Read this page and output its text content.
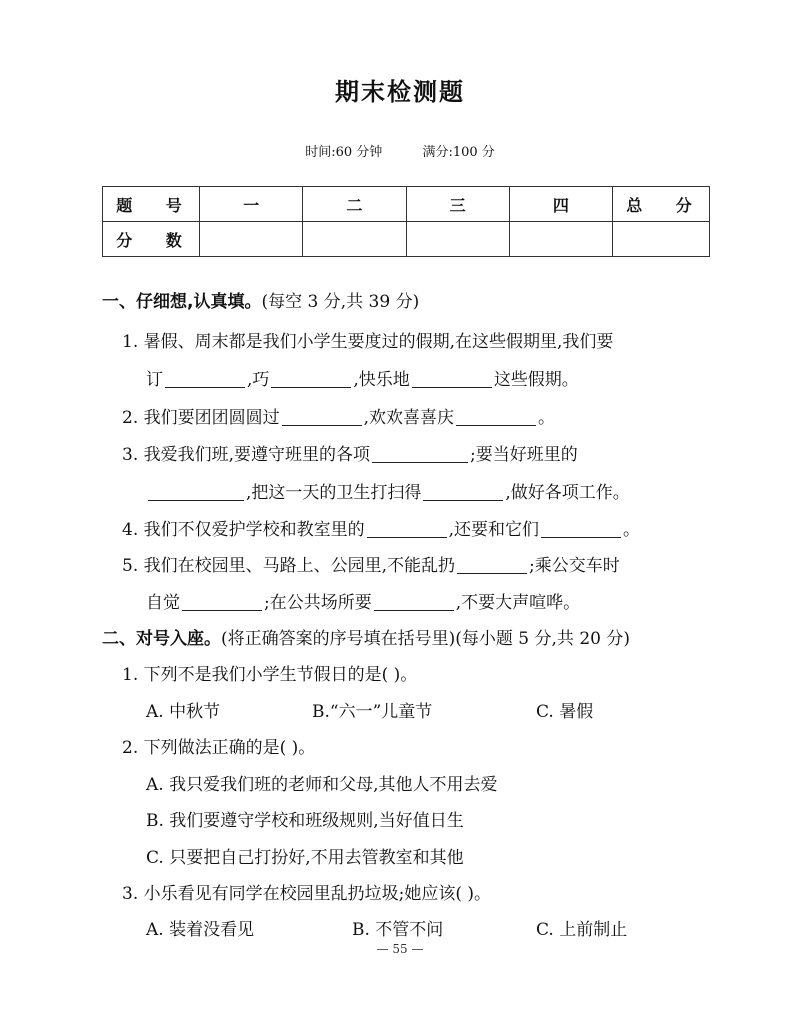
期末检测题
时间:60 分钟	满分:100 分
题 号	一	二	三	四	总 分
分 数					
一、仔细想,认真填。(每空 3 分,共 39 分)
1. 暑假、周末都是我们小学生要度过的假期,在这些假期里,我们要
订	,巧	,快乐地	这些假期。
2. 我们要团团圆圆过	,欢欢喜喜庆	。
3. 我爱我们班,要遵守班里的各项	;要当好班里的
,把这一天的卫生打扫得	,做好各项工作。
4. 我们不仅爱护学校和教室里的	,还要和它们	。
5. 我们在校园里、马路上、公园里,不能乱扔	;乘公交车时
自觉	;在公共场所要	,不要大声喧哗。
二、对号入座。(将正确答案的序号填在括号里)(每小题 5 分,共 20 分)
1. 下列不是我们小学生节假日的是( )。
A. 中秋节	B.“六一”儿童节	C. 暑假
2. 下列做法正确的是( )。
A. 我只爱我们班的老师和父母,其他人不用去爱
B. 我们要遵守学校和班级规则,当好值日生
C. 只要把自己打扮好,不用去管教室和其他
3. 小乐看见有同学在校园里乱扔垃圾;她应该( )。
A. 装着没看见	B. 不管不问	C. 上前制止
— 55 —
